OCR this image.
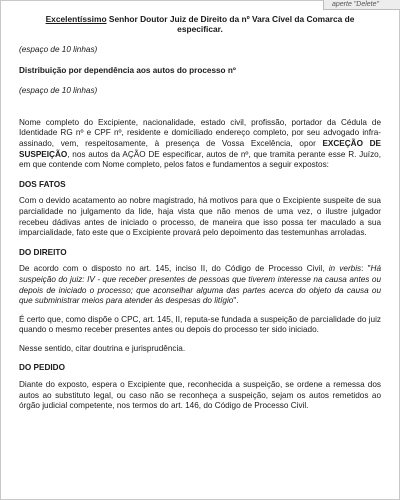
aperte "Delete"

Excelentíssimo Senhor Doutor Juiz de Direito da nº Vara Cível da Comarca de especificar.

(espaço de 10 linhas)

Distribuição por dependência aos autos do processo nº

(espaço de 10 linhas)

Nome completo do Excipiente, nacionalidade, estado civil, profissão, portador da Cédula de Identidade RG nº e CPF nº, residente e domiciliado endereço completo, por seu advogado infra-assinado, vem, respeitosamente, à presença de Vossa Excelência, opor EXCEÇÃO DE SUSPEIÇÃO, nos autos da AÇÃO DE especificar, autos de nº, que tramita perante esse R. Juízo, em que contende com Nome completo, pelos fatos e fundamentos a seguir expostos:

DOS FATOS

Com o devido acatamento ao nobre magistrado, há motivos para que o Excipiente suspeite de sua parcialidade no julgamento da lide, haja vista que não menos de uma vez, o ilustre julgador recebeu dádivas antes de iniciado o processo, de maneira que isso possa ter maculado a sua imparcialidade, fato este que o Excipiente provará pelo depoimento das testemunhas arroladas.

DO DIREITO

De acordo com o disposto no art. 145, inciso II, do Código de Processo Civil, in verbis: "Há suspeição do juiz: IV - que receber presentes de pessoas que tiverem interesse na causa antes ou depois de iniciado o processo; que aconselhar alguma das partes acerca do objeto da causa ou que subministrar meios para atender às despesas do litígio".

É certo que, como dispõe o CPC, art. 145, II, reputa-se fundada a suspeição de parcialidade do juiz quando o mesmo receber presentes antes ou depois do processo ter sido iniciado.

Nesse sentido, citar doutrina e jurisprudência.

DO PEDIDO

Diante do exposto, espera o Excipiente que, reconhecida a suspeição, se ordene a remessa dos autos ao substituto legal, ou caso não se reconheça a suspeição, sejam os autos remetidos ao órgão judicial competente, nos termos do art. 146, do Código de Processo Civil.
